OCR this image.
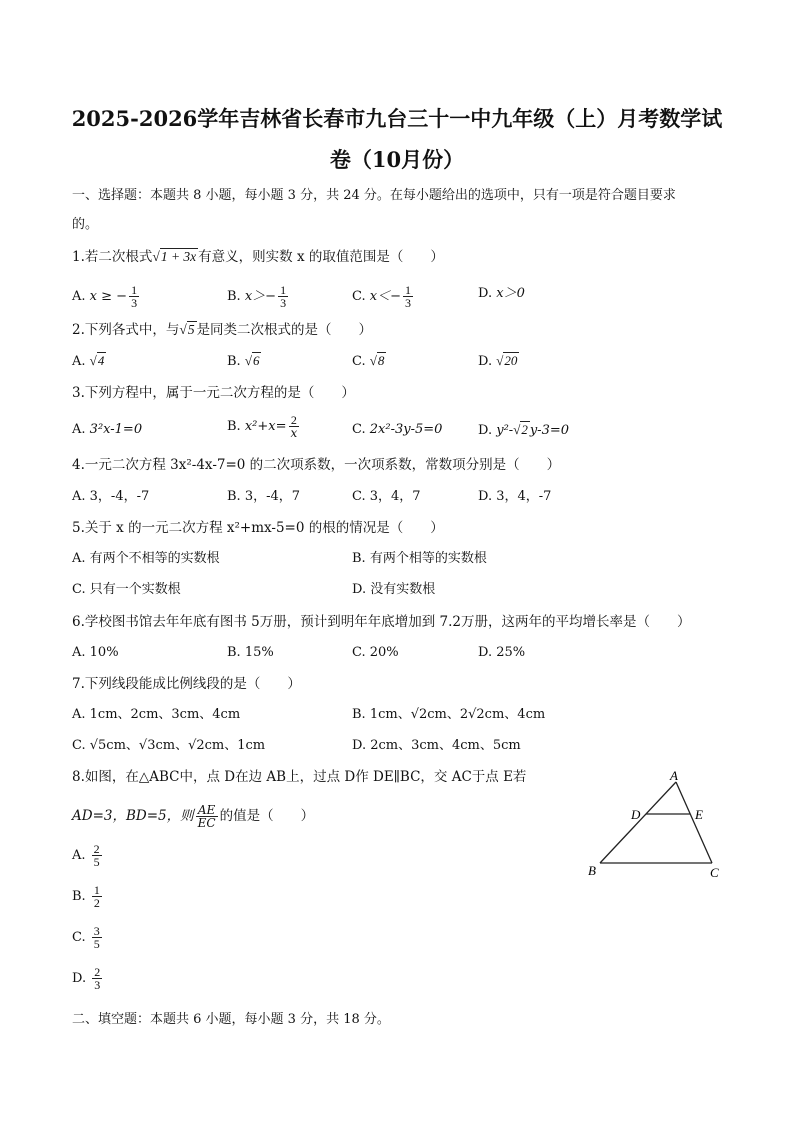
2025-2026学年吉林省长春市九台三十一中九年级（上）月考数学试
卷（10月份）
一、选择题：本题共 8 小题，每小题 3 分，共 24 分。在每小题给出的选项中，只有一项是符合题目要求
的。
1.若二次根式√1 + 3x 有意义，则实数 x 的取值范围是（　　）
A. x ≥ − $\frac{1}{3}$	B. $x>- \frac{1}{3}$	C. $x<- \frac{1}{3}$	D. x＞0
2.下列各式中，与√5 是同类二次根式的是（　　）
A. √4	B. √6	C. √8	D. √20
3.下列方程中，属于一元二次方程的是（　　）
A. 3²x-1=0	B. $x^2+x= \frac{2}{x}$	C. 2x²-3y-5=0	D. y²-√2 y-3=0
4.一元二次方程 3x²-4x-7=0 的二次项系数，一次项系数，常数项分别是（　　）
A. 3，-4，-7	B. 3，-4，7	C. 3，4，7	D. 3，4，-7
5.关于 x 的一元二次方程 x²+mx-5=0 的根的情况是（　　）
A. 有两个不相等的实数根	B. 有两个相等的实数根
C. 只有一个实数根	D. 没有实数根
6.学校图书馆去年年底有图书 5万册，预计到明年年底增加到 7.2万册，这两年的平均增长率是（　　）
A. 10%	B. 15%	C. 20%	D. 25%
7.下列线段能成比例线段的是（　　）
A. 1cm、2cm、3cm、4cm	B. 1cm、√2cm、2√2cm、4cm
C. √5cm、√3cm、√2cm、1cm	D. 2cm、3cm、4cm、5cm
8.如图，在△ABC中，点 D在边 AB上，过点 D作 DE∥BC，交 AC于点 E若
AD=3，BD=5，则 $\frac{AE}{EC}$ 的值是（　　）
A. $\frac{2}{5}$
B. $\frac{1}{2}$
C. $\frac{3}{5}$
D. $\frac{2}{3}$
A
D	E
B	C
二、填空题：本题共 6 小题，每小题 3 分，共 18 分。
